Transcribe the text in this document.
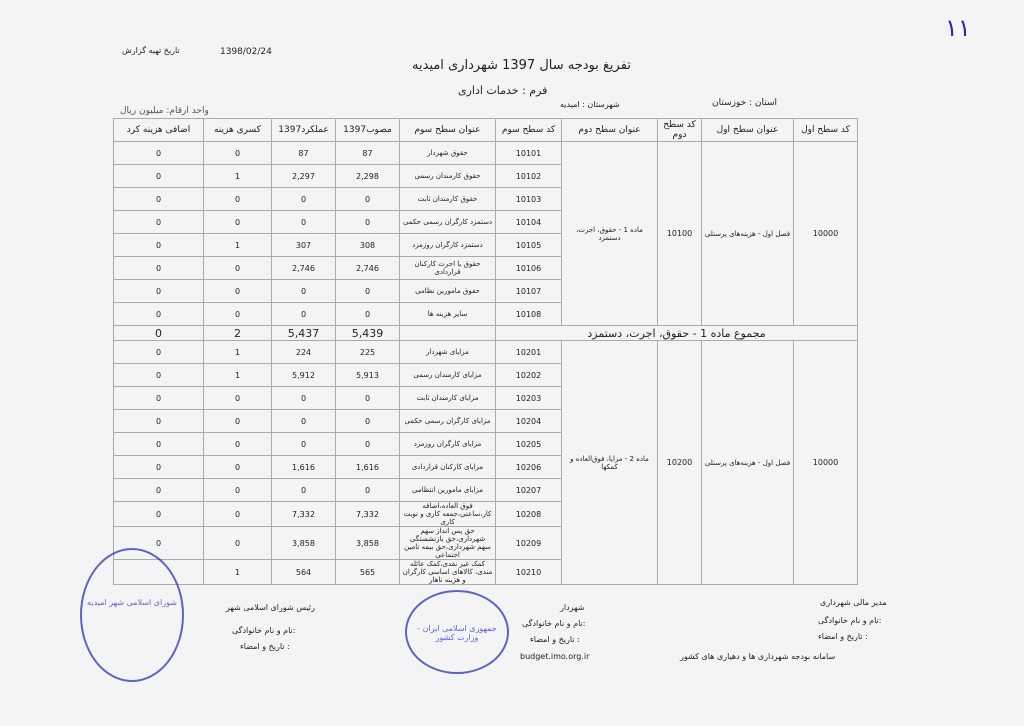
۱۱
تاریخ تهیه گزارش	1398/02/24
تفریغ بودجه سال 1397 شهرداری امیدیه
فرم : خدمات اداری
استان : خوزستان
شهرستان : امیدیه
واحد ارقام: میلیون ریال
کد سطح اول	عنوان سطح اول	کد سطح دوم	عنوان سطح دوم	کد سطح سوم	عنوان سطح سوم	مصوب1397	عملکرد1397	کسری هزینه	اضافی هزینه کرد
10000	فصل اول - هزینه‌های پرسنلی	10100	ماده 1 - حقوق، اجرت، دستمزد	10101	حقوق شهردار	87	87	0	0
				10102	حقوق کارمندان رسمی	2,298	2,297	1	0
				10103	حقوق کارمندان ثابت	0	0	0	0
				10104	دستمزد کارگران رسمی حکمی	0	0	0	0
				10105	دستمزد کارگران روزمزد	308	307	1	0
				10106	حقوق یا اجرت کارکنان قراردادی	2,746	2,746	0	0
				10107	حقوق مامورین نظامی	0	0	0	0
				10108	سایر هزینه ها	0	0	0	0
مجموع ماده 1 - حقوق، اجرت، دستمزد						5,439	5,437	2	0
10000	فصل اول - هزینه‌های پرسنلی	10200	ماده 2 - مزایا، فوق‌العاده و کمکها	10201	مزایای شهردار	225	224	1	0
				10202	مزایای کارمندان رسمی	5,913	5,912	1	0
				10203	مزایای کارمندان ثابت	0	0	0	0
				10204	مزایای کارگران رسمی حکمی	0	0	0	0
				10205	مزایای کارگران روزمزد	0	0	0	0
				10206	مزایای کارکنان قراردادی	1,616	1,616	0	0
				10207	مزایای مامورین انتظامی	0	0	0	0
				10208	فوق العاده،اضافه کار،ساعتی،جمعه کاری و نوبت کاری	7,332	7,332	0	0
				10209	حق پس انداز سهم شهرداری،حق بازنشستگی سهم شهرداری،حق بیمه تامین اجتماعی	3,858	3,858	0	0
				10210	کمک غیر نقدی،کمک عائله مندی، کالاهای اساسی کارگران و هزینه ناهار	565	564	1	
شورای اسلامی شهر امیدیه
جمهوری اسلامی ایران - وزارت کشور
مدیر مالی شهرداری
نام و نام خانوادگی:
تاریخ و امضاء :
سامانه بودجه شهرداری ها و دهیاری های کشور
شهردار
نام و نام خانوادگی:
تاریخ و امضاء :
budget.imo.org.ir
رئیس شورای اسلامی شهر
نام و نام خانوادگی:
تاریخ و امضاء :
